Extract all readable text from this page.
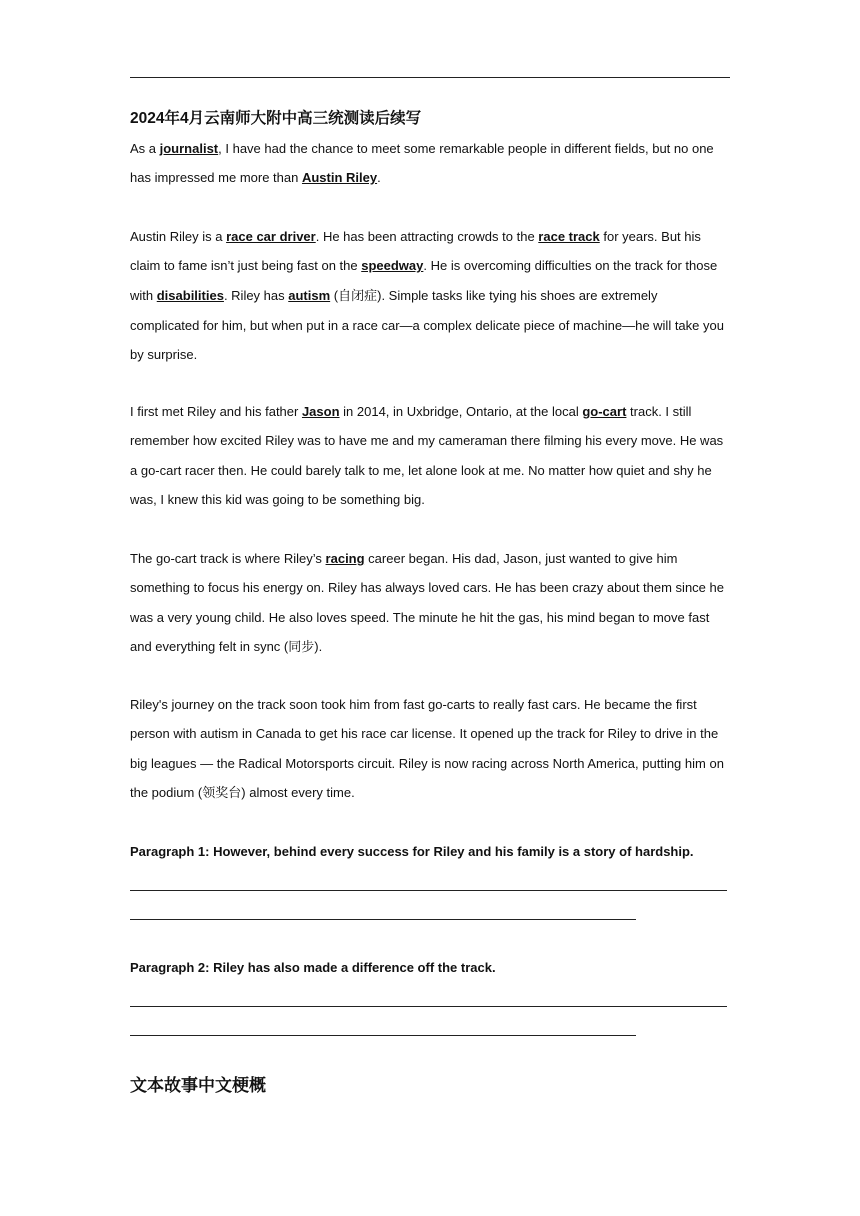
2024年4月云南师大附中高三统测读后续写
As a journalist, I have had the chance to meet some remarkable people in different fields, but no one has impressed me more than Austin Riley.
Austin Riley is a race car driver. He has been attracting crowds to the race track for years. But his claim to fame isn’t just being fast on the speedway. He is overcoming difficulties on the track for those with disabilities. Riley has autism (自闭症). Simple tasks like tying his shoes are extremely complicated for him, but when put in a race car—a complex delicate piece of machine—he will take you by surprise.
I first met Riley and his father Jason in 2014, in Uxbridge, Ontario, at the local go-cart track. I still remember how excited Riley was to have me and my cameraman there filming his every move. He was a go-cart racer then. He could barely talk to me, let alone look at me. No matter how quiet and shy he was, I knew this kid was going to be something big.
The go-cart track is where Riley’s racing career began. His dad, Jason, just wanted to give him something to focus his energy on. Riley has always loved cars. He has been crazy about them since he was a very young child. He also loves speed. The minute he hit the gas, his mind began to move fast and everything felt in sync (同步).
Riley's journey on the track soon took him from fast go-carts to really fast cars. He became the first person with autism in Canada to get his race car license. It opened up the track for Riley to drive in the big leagues — the Radical Motorsports circuit. Riley is now racing across North America, putting him on the podium (领奖台) almost every time.
Paragraph 1: However, behind every success for Riley and his family is a story of hardship.
Paragraph 2: Riley has also made a difference off the track.
文本故事中文梗概
